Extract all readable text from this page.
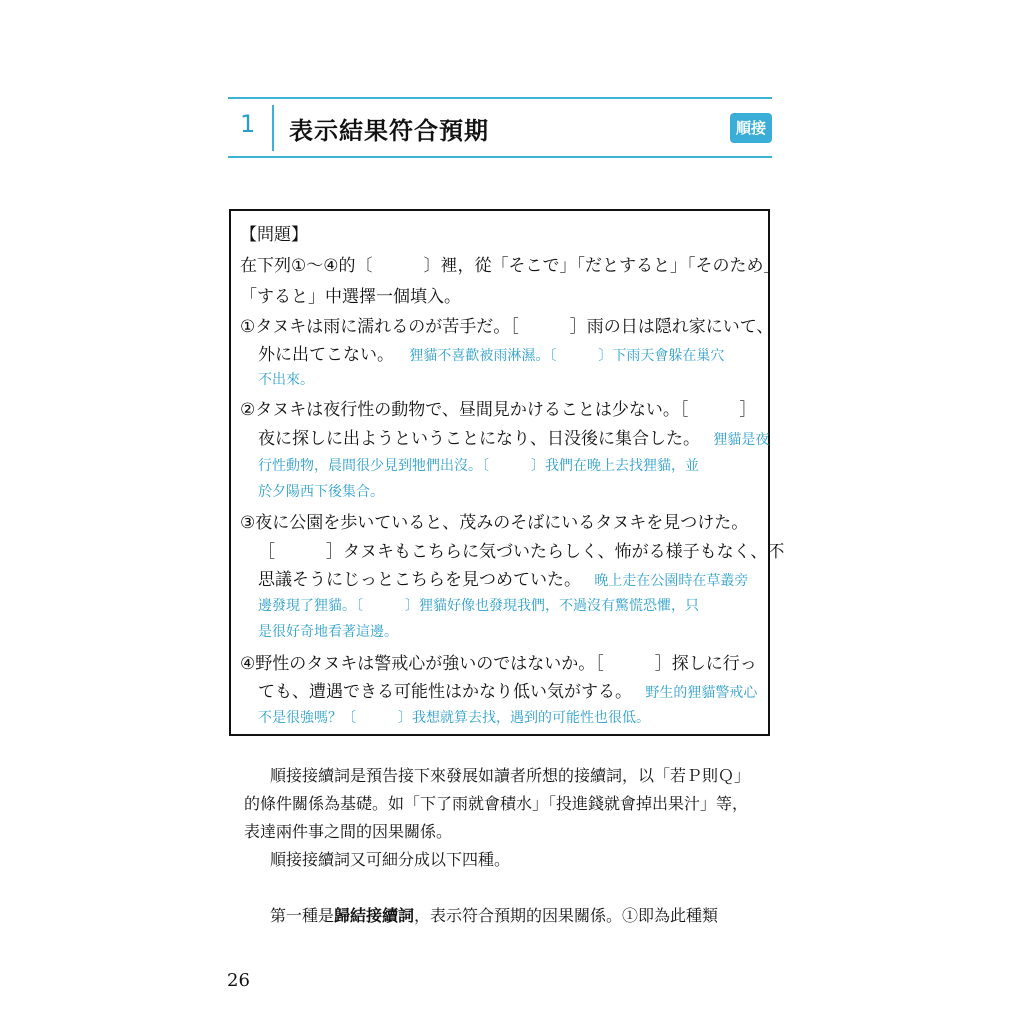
1 表示結果符合預期	順接
【問題】
在下列①～④的〔　　　〕裡，從「そこで」「だとすると」「そのため」
「すると」中選擇一個填入。
①タヌキは雨に濡れるのが苦手だ。［　　　］雨の日は隠れ家にいて、
外に出てこない。 狸貓不喜歡被雨淋濕。〔　　　〕下雨天會躲在巢穴
不出來。
②タヌキは夜行性の動物で、昼間見かけることは少ない。［　　　］
夜に探しに出ようということになり、日没後に集合した。 狸貓是夜
行性動物，晨間很少見到牠們出沒。〔　　　〕我們在晚上去找狸貓，並
於夕陽西下後集合。
③夜に公園を歩いていると、茂みのそばにいるタヌキを見つけた。
［　　　］タヌキもこちらに気づいたらしく、怖がる様子もなく、不
思議そうにじっとこちらを見つめていた。 晚上走在公園時在草叢旁
邊發現了狸貓。〔　　　〕狸貓好像也發現我們，不過沒有驚慌恐懼，只
是很好奇地看著這邊。
④野性のタヌキは警戒心が強いのではないか。［　　　］探しに行っ
ても、遭遇できる可能性はかなり低い気がする。 野生的狸貓警戒心
不是很強嗎？〔　　　〕我想就算去找，遇到的可能性也很低。
順接接續詞是預告接下來發展如讀者所想的接續詞，以「若Ｐ則Ｑ」
的條件關係為基礎。如「下了雨就會積水」「投進錢就會掉出果汁」等，
表達兩件事之間的因果關係。
順接接續詞又可細分成以下四種。
第一種是歸結接續詞，表示符合預期的因果關係。①即為此種類
26
